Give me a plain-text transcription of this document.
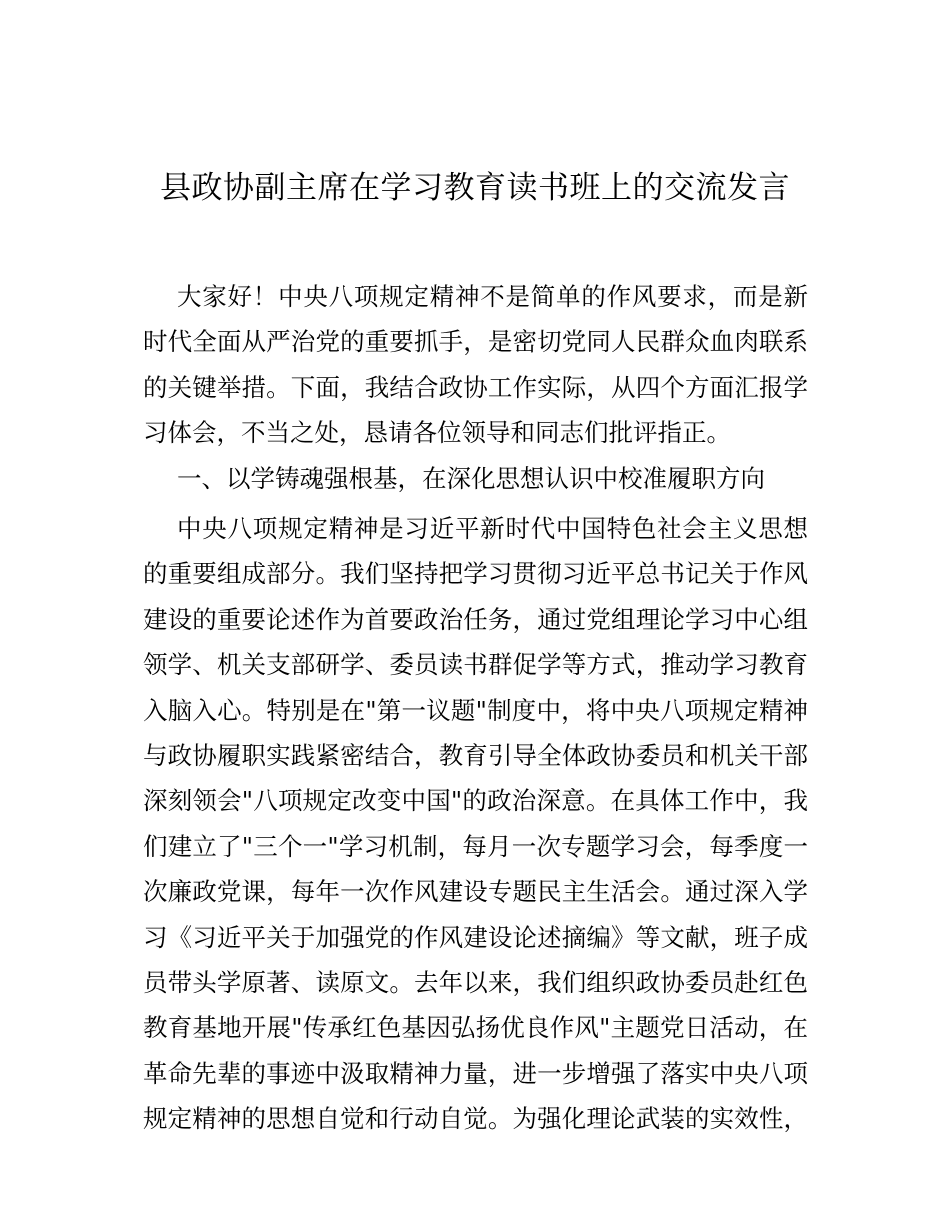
县政协副主席在学习教育读书班上的交流发言
大家好！中央八项规定精神不是简单的作风要求，而是新
时代全面从严治党的重要抓手，是密切党同人民群众血肉联系
的关键举措。下面，我结合政协工作实际，从四个方面汇报学
习体会，不当之处，恳请各位领导和同志们批评指正。
一、以学铸魂强根基，在深化思想认识中校准履职方向
中央八项规定精神是习近平新时代中国特色社会主义思想
的重要组成部分。我们坚持把学习贯彻习近平总书记关于作风
建设的重要论述作为首要政治任务，通过党组理论学习中心组
领学、机关支部研学、委员读书群促学等方式，推动学习教育
入脑入心。特别是在"第一议题"制度中，将中央八项规定精神
与政协履职实践紧密结合，教育引导全体政协委员和机关干部
深刻领会"八项规定改变中国"的政治深意。在具体工作中，我
们建立了"三个一"学习机制，每月一次专题学习会，每季度一
次廉政党课，每年一次作风建设专题民主生活会。通过深入学
习《习近平关于加强党的作风建设论述摘编》等文献，班子成
员带头学原著、读原文。去年以来，我们组织政协委员赴红色
教育基地开展"传承红色基因弘扬优良作风"主题党日活动，在
革命先辈的事迹中汲取精神力量，进一步增强了落实中央八项
规定精神的思想自觉和行动自觉。为强化理论武装的实效性，
